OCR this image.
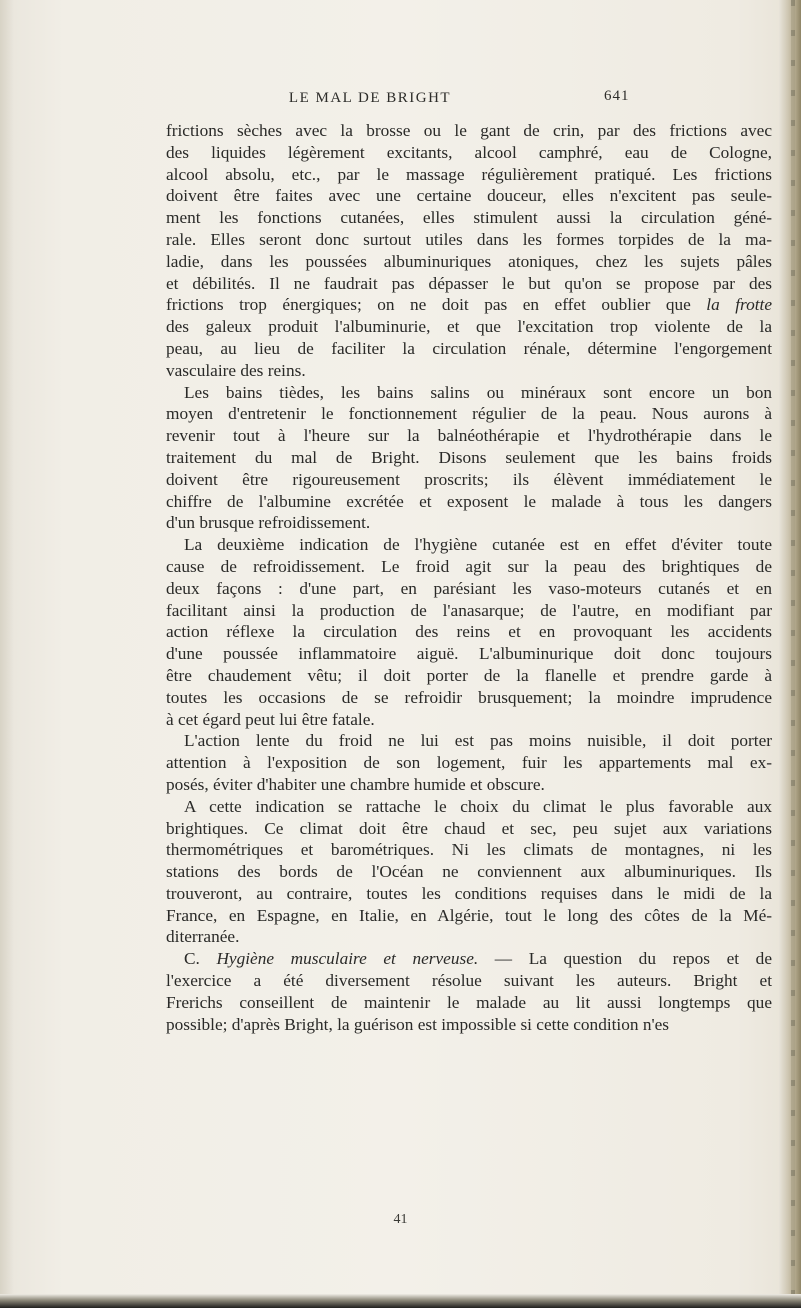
LE MAL DE BRIGHT	641
frictions sèches avec la brosse ou le gant de crin, par des frictions avec
des liquides légèrement excitants, alcool camphré, eau de Cologne,
alcool absolu, etc., par le massage régulièrement pratiqué. Les frictions
doivent être faites avec une certaine douceur, elles n'excitent pas seule-
ment les fonctions cutanées, elles stimulent aussi la circulation géné-
rale. Elles seront donc surtout utiles dans les formes torpides de la ma-
ladie, dans les poussées albuminuriques atoniques, chez les sujets pâles
et débilités. Il ne faudrait pas dépasser le but qu'on se propose par des
frictions trop énergiques; on ne doit pas en effet oublier que la frotte
des galeux produit l'albuminurie, et que l'excitation trop violente de la
peau, au lieu de faciliter la circulation rénale, détermine l'engorgement
vasculaire des reins.
Les bains tièdes, les bains salins ou minéraux sont encore un bon
moyen d'entretenir le fonctionnement régulier de la peau. Nous aurons à
revenir tout à l'heure sur la balnéothérapie et l'hydrothérapie dans le
traitement du mal de Bright. Disons seulement que les bains froids
doivent être rigoureusement proscrits; ils élèvent immédiatement le
chiffre de l'albumine excrétée et exposent le malade à tous les dangers
d'un brusque refroidissement.
La deuxième indication de l'hygiène cutanée est en effet d'éviter toute
cause de refroidissement. Le froid agit sur la peau des brightiques de
deux façons : d'une part, en parésiant les vaso-moteurs cutanés et en
facilitant ainsi la production de l'anasarque; de l'autre, en modifiant par
action réflexe la circulation des reins et en provoquant les accidents
d'une poussée inflammatoire aiguë. L'albuminurique doit donc toujours
être chaudement vêtu; il doit porter de la flanelle et prendre garde à
toutes les occasions de se refroidir brusquement; la moindre imprudence
à cet égard peut lui être fatale.
L'action lente du froid ne lui est pas moins nuisible, il doit porter
attention à l'exposition de son logement, fuir les appartements mal ex-
posés, éviter d'habiter une chambre humide et obscure.
A cette indication se rattache le choix du climat le plus favorable aux
brightiques. Ce climat doit être chaud et sec, peu sujet aux variations
thermométriques et barométriques. Ni les climats de montagnes, ni les
stations des bords de l'Océan ne conviennent aux albuminuriques. Ils
trouveront, au contraire, toutes les conditions requises dans le midi de la
France, en Espagne, en Italie, en Algérie, tout le long des côtes de la Mé-
diterranée.
C. Hygiène musculaire et nerveuse. — La question du repos et de
l'exercice a été diversement résolue suivant les auteurs. Bright et
Frerichs conseillent de maintenir le malade au lit aussi longtemps que
possible; d'après Bright, la guérison est impossible si cette condition n'es
41
